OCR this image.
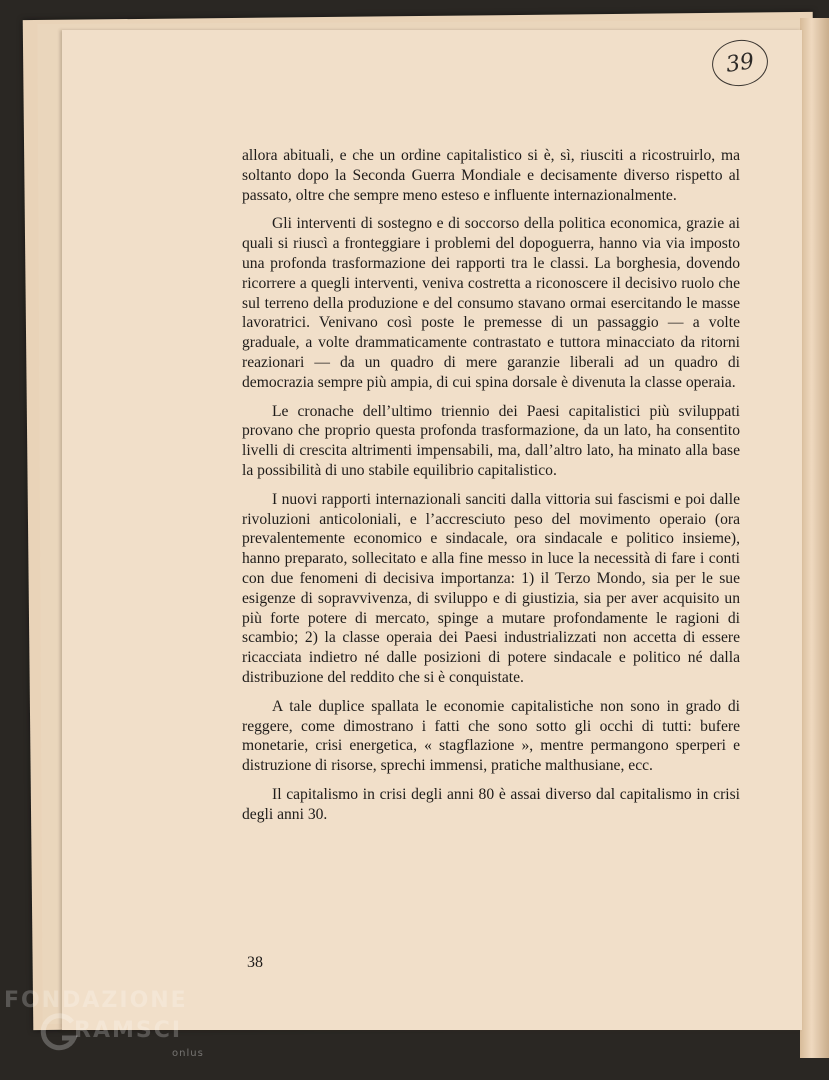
39

allora abituali, e che un ordine capitalistico si è, sì, riusciti a ricostruirlo, ma soltanto dopo la Seconda Guerra Mondiale e decisamente diverso rispetto al passato, oltre che sempre meno esteso e influente internazionalmente.

Gli interventi di sostegno e di soccorso della politica economica, grazie ai quali si riuscì a fronteggiare i problemi del dopoguerra, hanno via via imposto una profonda trasformazione dei rapporti tra le classi. La borghesia, dovendo ricorrere a quegli interventi, veniva costretta a riconoscere il decisivo ruolo che sul terreno della produzione e del consumo stavano ormai esercitando le masse lavoratrici. Venivano così poste le premesse di un passaggio — a volte graduale, a volte drammaticamente contrastato e tuttora minacciato da ritorni reazionari — da un quadro di mere garanzie liberali ad un quadro di democrazia sempre più ampia, di cui spina dorsale è divenuta la classe operaia.

Le cronache dell’ultimo triennio dei Paesi capitalistici più sviluppati provano che proprio questa profonda trasformazione, da un lato, ha consentito livelli di crescita altrimenti impensabili, ma, dall’altro lato, ha minato alla base la possibilità di uno stabile equilibrio capitalistico.

I nuovi rapporti internazionali sanciti dalla vittoria sui fascismi e poi dalle rivoluzioni anticoloniali, e l’accresciuto peso del movimento operaio (ora prevalentemente economico e sindacale, ora sindacale e politico insieme), hanno preparato, sollecitato e alla fine messo in luce la necessità di fare i conti con due fenomeni di decisiva importanza: 1) il Terzo Mondo, sia per le sue esigenze di sopravvivenza, di sviluppo e di giustizia, sia per aver acquisito un più forte potere di mercato, spinge a mutare profondamente le ragioni di scambio; 2) la classe operaia dei Paesi industrializzati non accetta di essere ricacciata indietro né dalle posizioni di potere sindacale e politico né dalla distribuzione del reddito che si è conquistate.

A tale duplice spallata le economie capitalistiche non sono in grado di reggere, come dimostrano i fatti che sono sotto gli occhi di tutti: bufere monetarie, crisi energetica, « stagflazione », mentre permangono sperperi e distruzione di risorse, sprechi immensi, pratiche malthusiane, ecc.

Il capitalismo in crisi degli anni 80 è assai diverso dal capitalismo in crisi degli anni 30.

38
FONDAZIONE
RAMSCI
onlus
